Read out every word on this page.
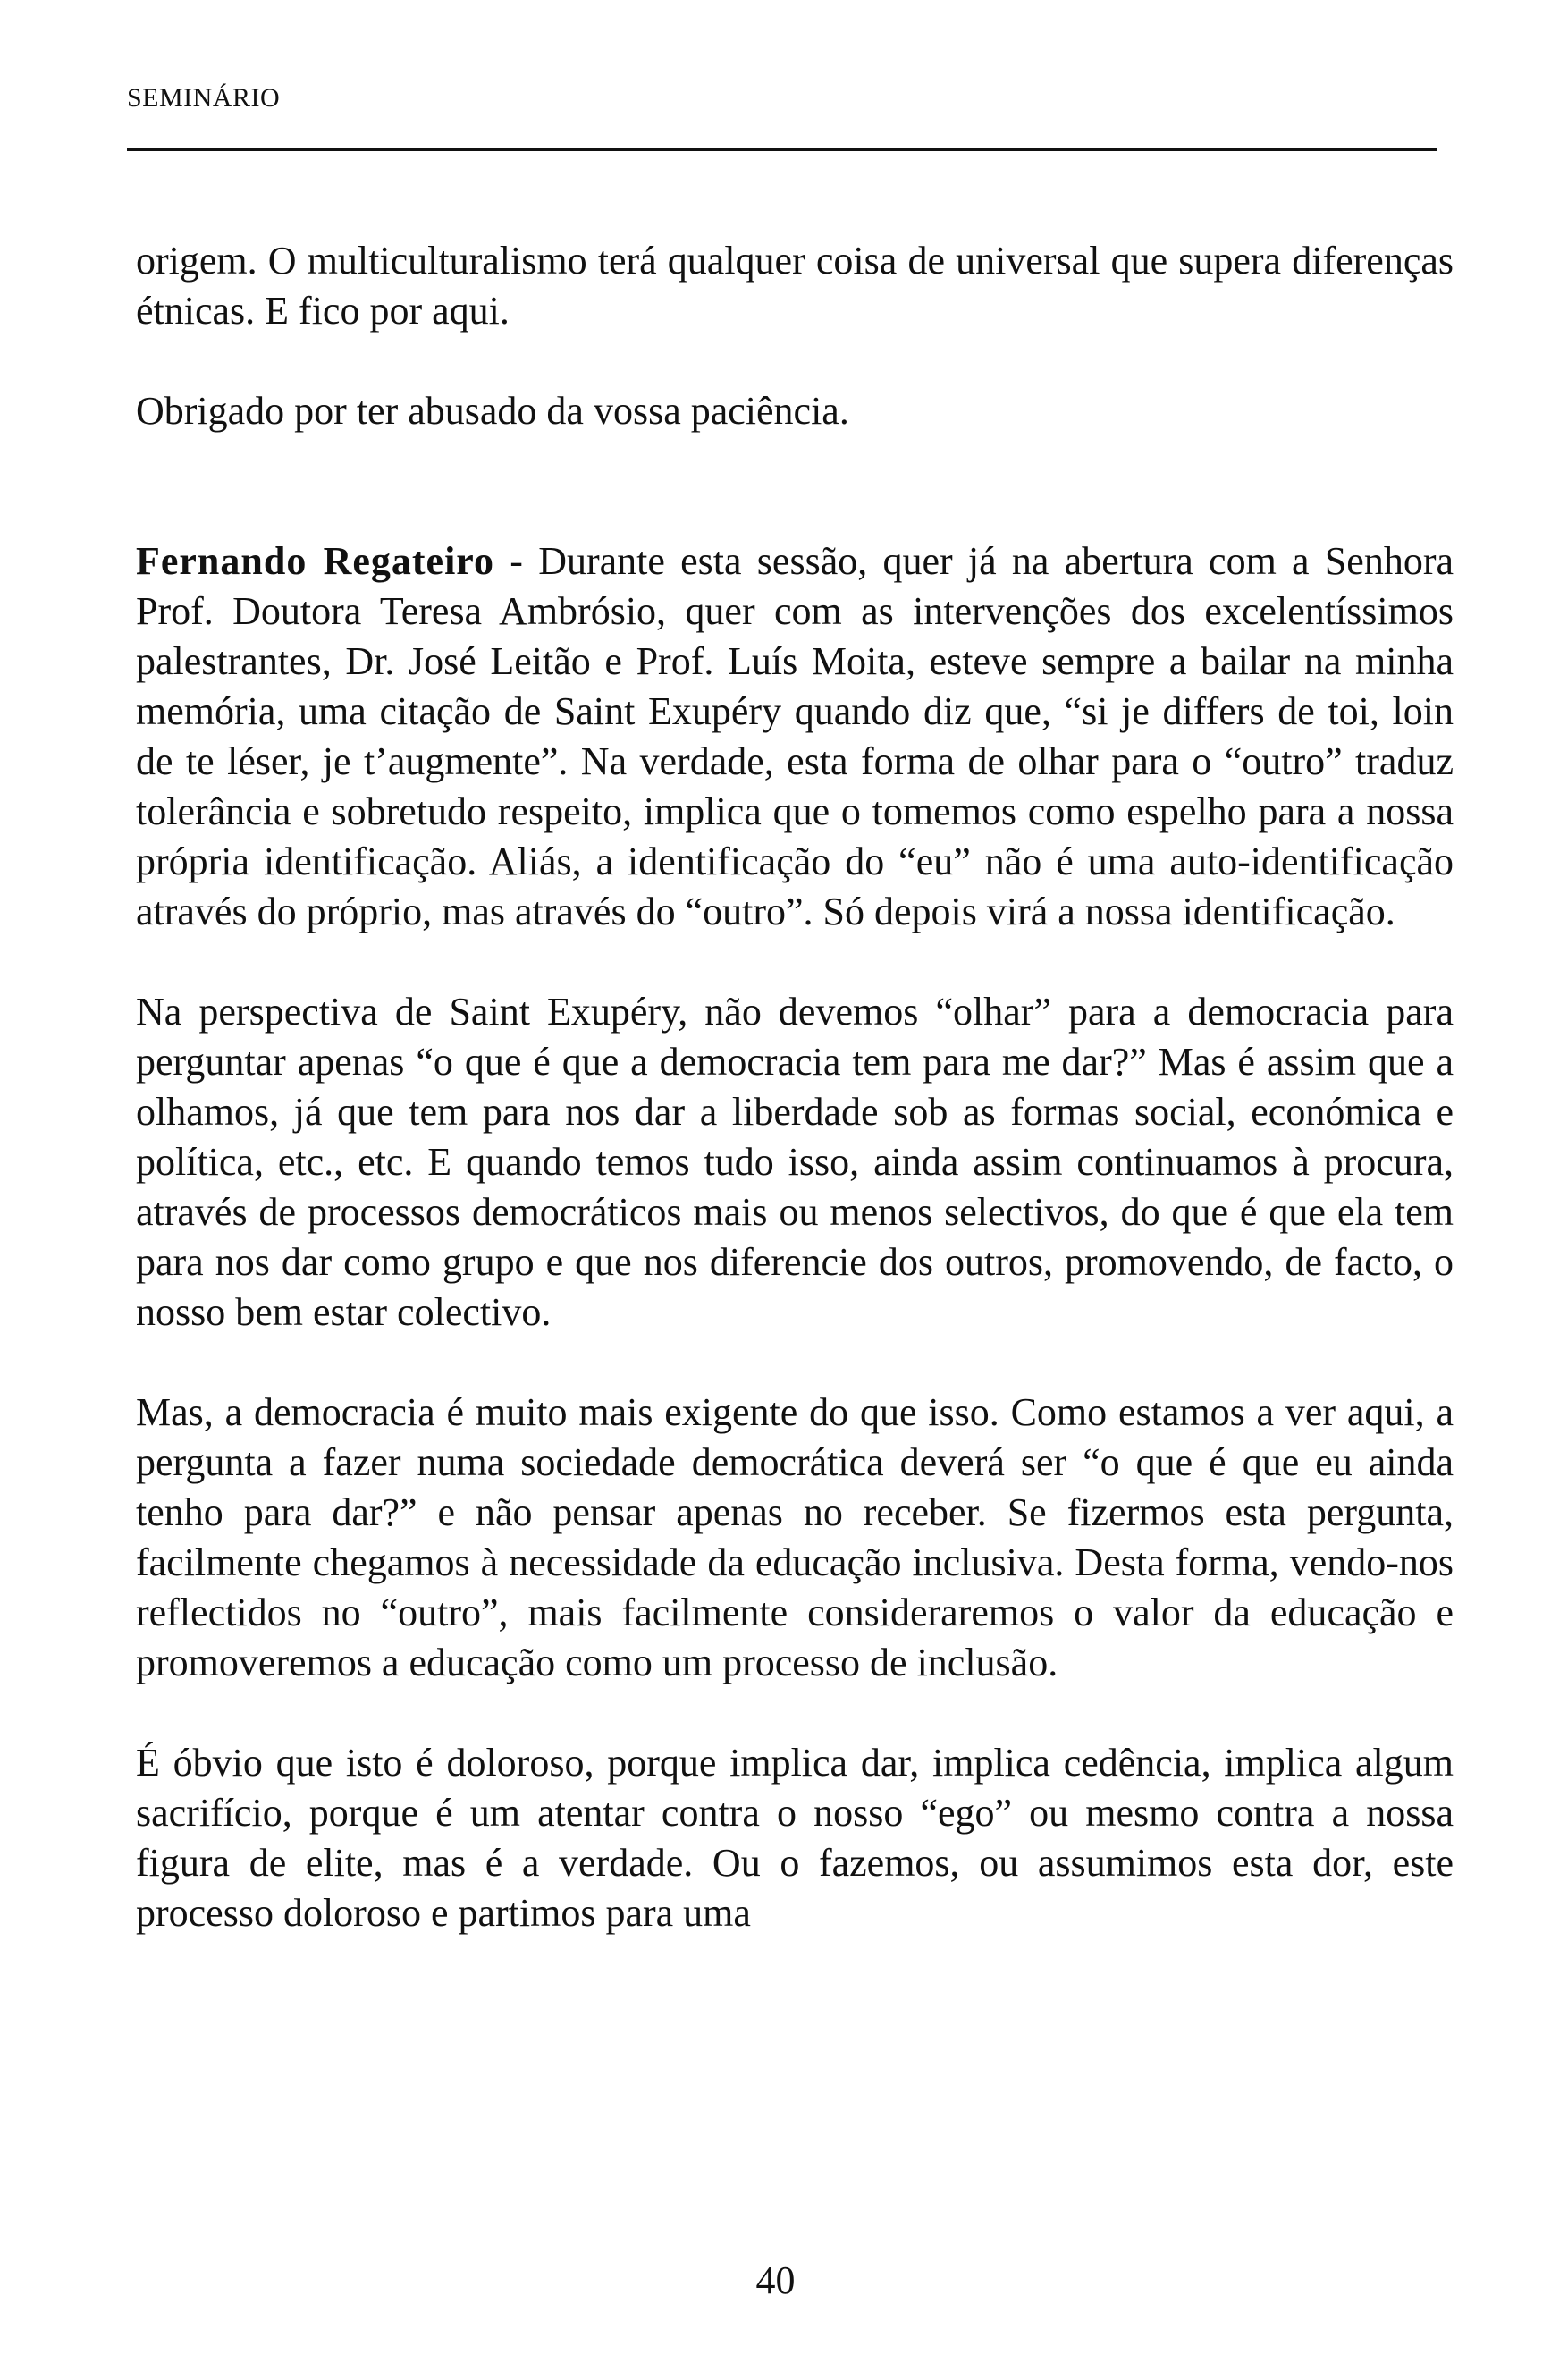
SEMINÁRIO

origem. O multiculturalismo terá qualquer coisa de universal que supera diferenças étnicas. E fico por aqui.

Obrigado por ter abusado da vossa paciência.

Fernando Regateiro - Durante esta sessão, quer já na abertura com a Senhora Prof. Doutora Teresa Ambrósio, quer com as intervenções dos excelentíssimos palestrantes, Dr. José Leitão e Prof. Luís Moita, esteve sempre a bailar na minha memória, uma citação de Saint Exupéry quando diz que, “si je differs de toi, loin de te léser, je t’augmente”. Na verdade, esta forma de olhar para o “outro” traduz tolerância e sobretudo respeito, implica que o tomemos como espelho para a nossa própria identificação. Aliás, a identificação do “eu” não é uma auto-identificação através do próprio, mas através do “outro”. Só depois virá a nossa identificação.

Na perspectiva de Saint Exupéry, não devemos “olhar” para a democracia para perguntar apenas “o que é que a democracia tem para me dar?” Mas é assim que a olhamos, já que tem para nos dar a liberdade sob as formas social, económica e política, etc., etc. E quando temos tudo isso, ainda assim continuamos à procura, através de processos democráticos mais ou menos selectivos, do que é que ela tem para nos dar como grupo e que nos diferencie dos outros, promovendo, de facto, o nosso bem estar colectivo.

Mas, a democracia é muito mais exigente do que isso. Como estamos a ver aqui, a pergunta a fazer numa sociedade democrática deverá ser “o que é que eu ainda tenho para dar?” e não pensar apenas no receber. Se fizermos esta pergunta, facilmente chegamos à necessidade da educação inclusiva. Desta forma, vendo-nos reflectidos no “outro”, mais facilmente consideraremos o valor da educação e promoveremos a educação como um processo de inclusão.

É óbvio que isto é doloroso, porque implica dar, implica cedência, implica algum sacrifício, porque é um atentar contra o nosso “ego” ou mesmo contra a nossa figura de elite, mas é a verdade. Ou o fazemos, ou assumimos esta dor, este processo doloroso e partimos para uma

40
